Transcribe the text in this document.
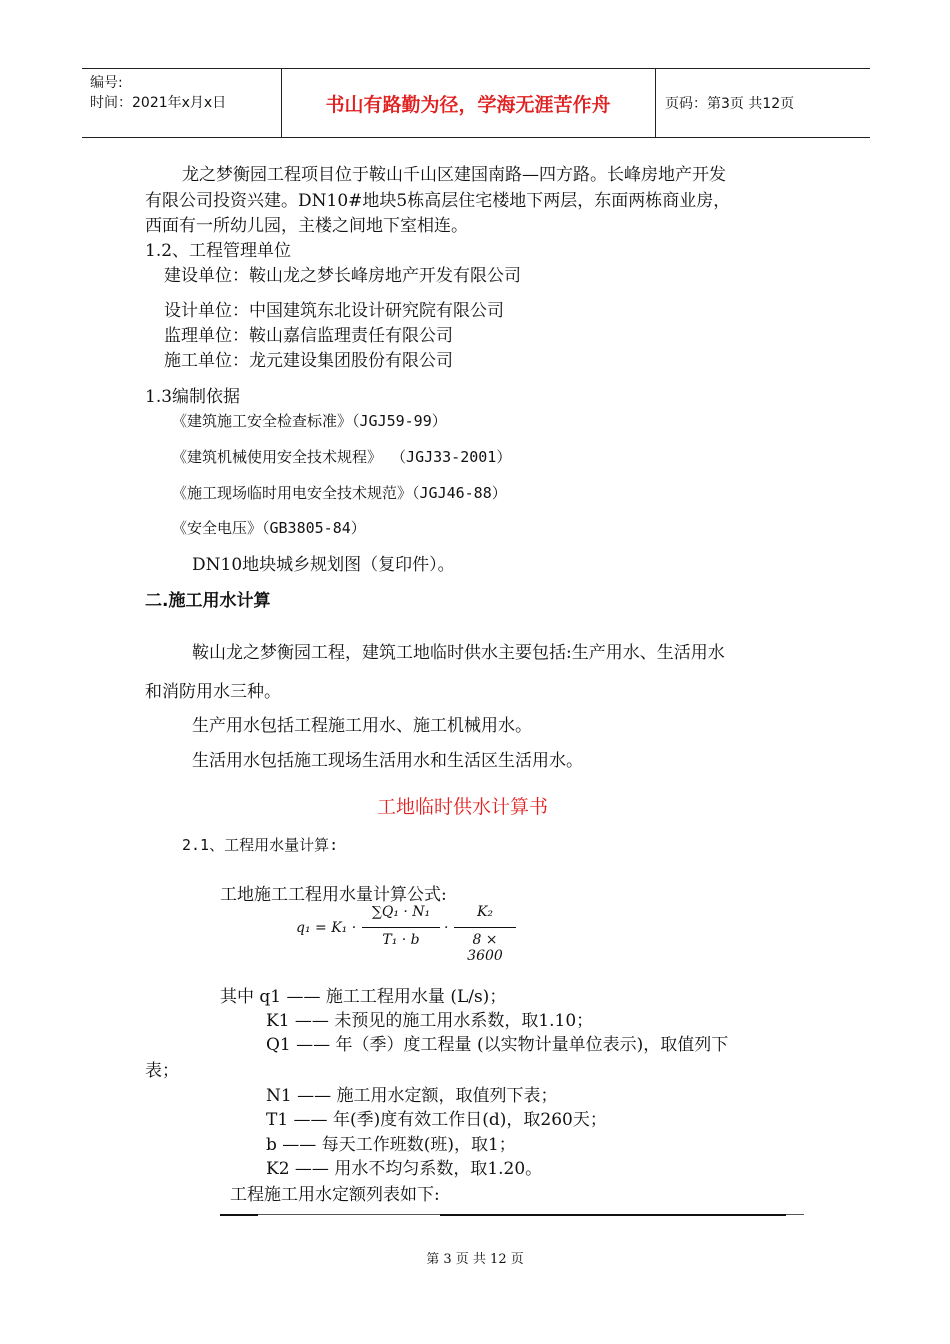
编号:
时间：2021年x月x日	书山有路勤为径，学海无涯苦作舟	页码：第3页 共12页
龙之梦衡园工程项目位于鞍山千山区建国南路—四方路。长峰房地产开发
有限公司投资兴建。DN10#地块5栋高层住宅楼地下两层，东面两栋商业房，
西面有一所幼儿园，主楼之间地下室相连。
1.2、工程管理单位
建设单位：鞍山龙之梦长峰房地产开发有限公司
设计单位：中国建筑东北设计研究院有限公司
监理单位：鞍山嘉信监理责任有限公司
施工单位：龙元建设集团股份有限公司
1.3编制依据
《建筑施工安全检查标准》（JGJ59-99）
《建筑机械使用安全技术规程》 （JGJ33-2001）
《施工现场临时用电安全技术规范》（JGJ46-88）
《安全电压》（GB3805-84）
DN10地块城乡规划图（复印件）。
二.施工用水计算
鞍山龙之梦衡园工程，建筑工地临时供水主要包括:生产用水、生活用水
和消防用水三种。
生产用水包括工程施工用水、施工机械用水。
生活用水包括施工现场生活用水和生活区生活用水。
工地临时供水计算书
2.1、工程用水量计算:
工地施工工程用水量计算公式:
q₁ = K₁ ·
∑Q₁ · N₁
T₁ · b
·
K₂
8 × 3600
其中 q1 —— 施工工程用水量 (L/s)；
K1 —— 未预见的施工用水系数，取1.10；
Q1 —— 年（季）度工程量 (以实物计量单位表示)，取值列下
表；
N1 —— 施工用水定额，取值列下表；
T1 —— 年(季)度有效工作日(d)，取260天；
b —— 每天工作班数(班)，取1；
K2 —— 用水不均匀系数，取1.20。
工程施工用水定额列表如下:
第 3 页 共 12 页
